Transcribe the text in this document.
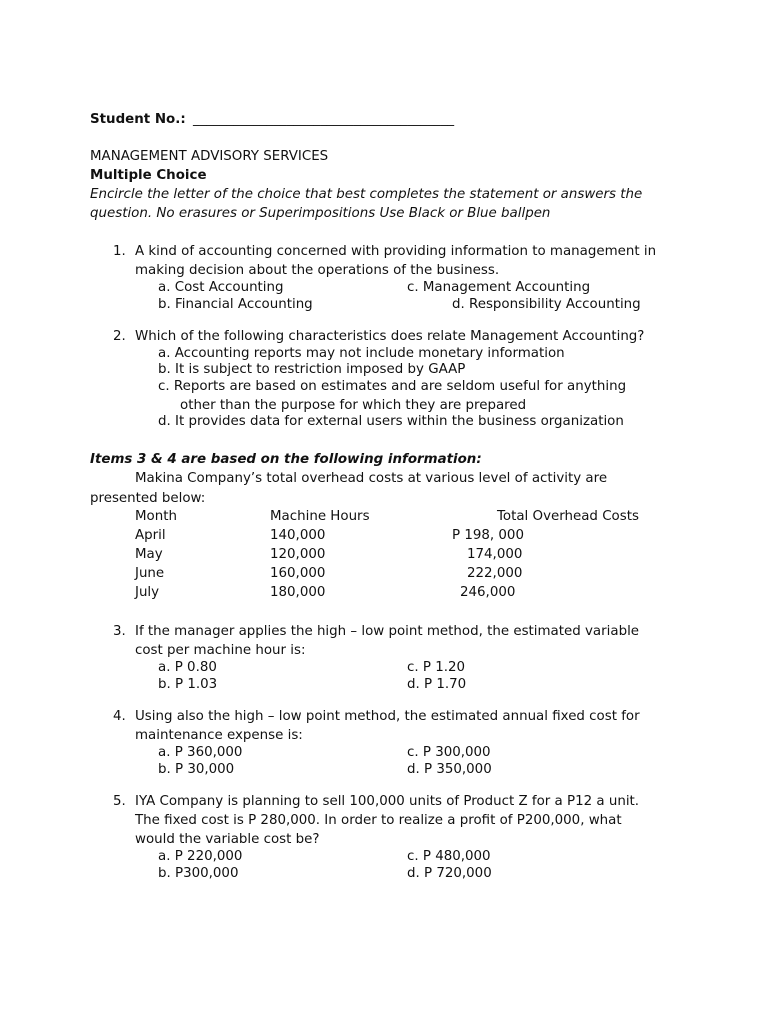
Student No.: _______________________________________
MANAGEMENT ADVISORY SERVICES
Multiple Choice
Encircle the letter of the choice that best completes the statement or answers the
question. No erasures or Superimpositions Use Black or Blue ballpen
1. A kind of accounting concerned with providing information to management in
making decision about the operations of the business.
a. Cost Accounting
b. Financial Accounting
c. Management Accounting
d. Responsibility Accounting
2. Which of the following characteristics does relate Management Accounting?
a. Accounting reports may not include monetary information
b. It is subject to restriction imposed by GAAP
c. Reports are based on estimates and are seldom useful for anything
other than the purpose for which they are prepared
d. It provides data for external users within the business organization
Items 3 & 4 are based on the following information:
Makina Company’s total overhead costs at various level of activity are
presented below:
Month	Machine Hours	Total Overhead Costs
April	140,000	P 198, 000
May	120,000	174,000
June	160,000	222,000
July	180,000	246,000
3. If the manager applies the high – low point method, the estimated variable
cost per machine hour is:
a. P 0.80
b. P 1.03
c. P 1.20
d. P 1.70
4. Using also the high – low point method, the estimated annual fixed cost for
maintenance expense is:
a. P 360,000
b. P 30,000
c. P 300,000
d. P 350,000
5. IYA Company is planning to sell 100,000 units of Product Z for a P12 a unit.
The fixed cost is P 280,000. In order to realize a profit of P200,000, what
would the variable cost be?
a. P 220,000
b. P300,000
c. P 480,000
d. P 720,000
